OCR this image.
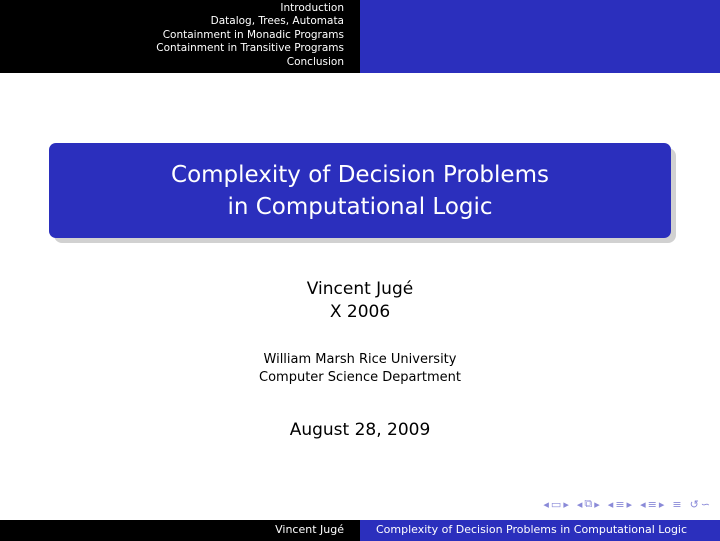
Introduction
Datalog, Trees, Automata
Containment in Monadic Programs
Containment in Transitive Programs
Conclusion
Complexity of Decision Problems
in Computational Logic
Vincent Jugé
X 2006
William Marsh Rice University
Computer Science Department
August 28, 2009
◂ ▭ ▸ ◂ ⧉ ▸ ◂ ≡ ▸ ◂ ≡ ▸ ≡ ↺ ∽
Vincent Jugé	Complexity of Decision Problems in Computational Logic
